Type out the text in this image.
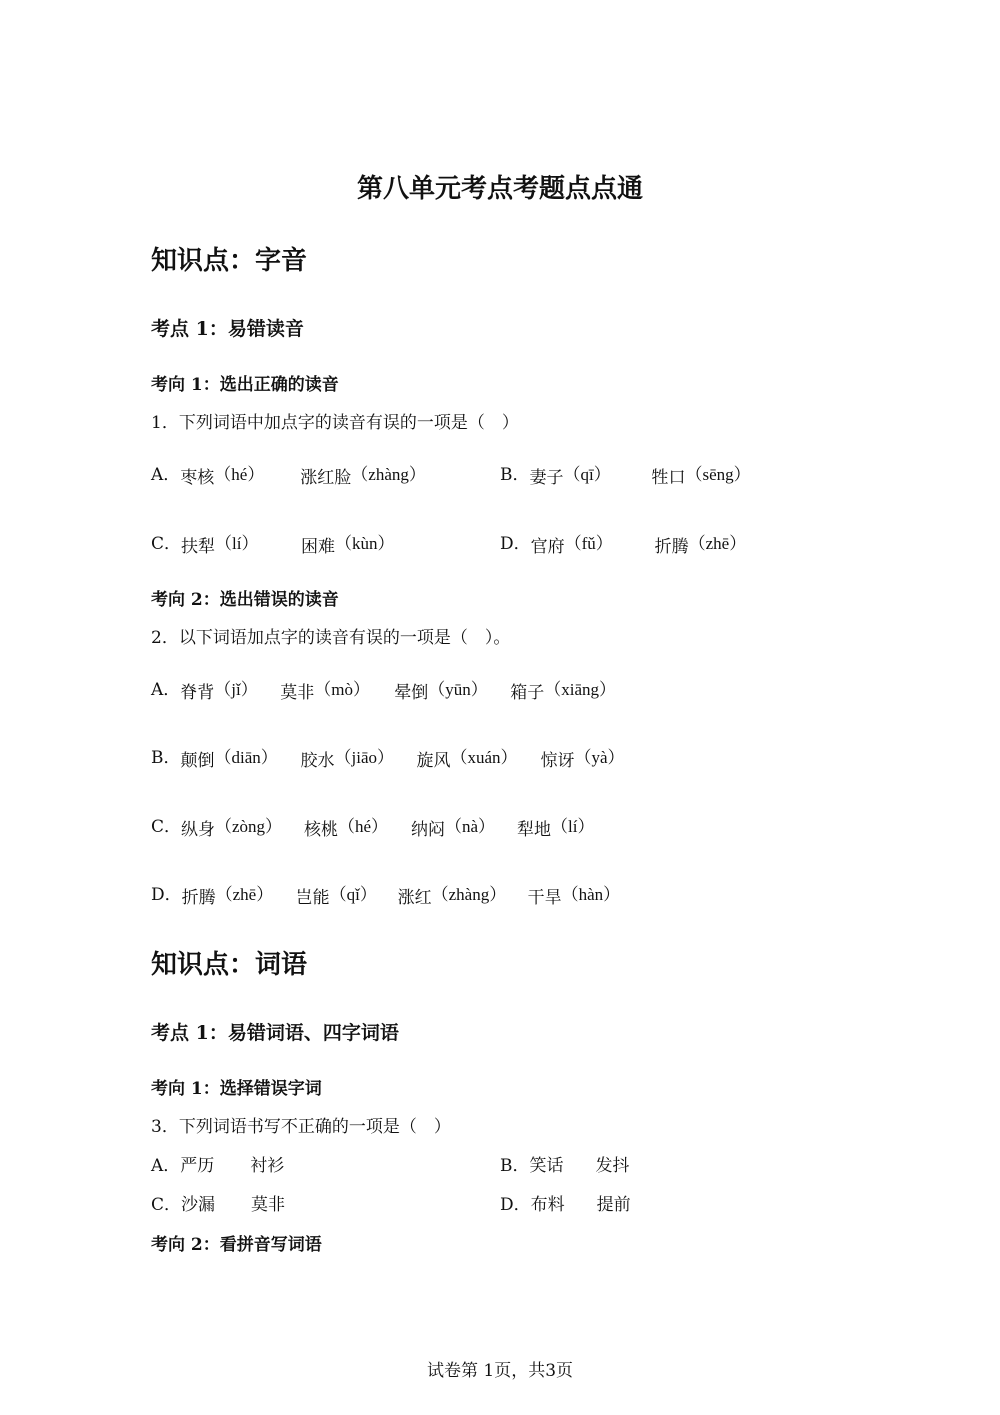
第八单元考点考题点点通
知识点：字音
考点 1：易错读音
考向 1：选出正确的读音
1．下列词语中加点字的读音有误的一项是（　）
A． 枣核 （hé）	涨红脸 （zhàng）	B． 妻子 （qī）	牲口 （sēng）
C． 扶犁 （lí）	困难 （kùn）	D． 官府 （fǔ）	折腾 （zhē）
考向 2：选出错误的读音
2．以下词语加点字的读音有误的一项是（　）。
A． 脊背 （jǐ）	莫非 （mò）	晕倒 （yūn）	箱子 （xiāng）
B． 颠倒 （diān）	胶水 （jiāo）	旋风 （xuán）	惊讶 （yà）
C． 纵身 （zòng）	核桃 （hé）	纳闷 （nà）	犁地 （lí）
D． 折腾 （zhē）	岂能 （qǐ）	涨红 （zhàng）	干旱 （hàn）
知识点：词语
考点 1：易错词语、四字词语
考向 1：选择错误字词
3．下列词语书写不正确的一项是（　）
A． 严历	衬衫	B． 笑话	发抖
C． 沙漏	莫非	D． 布料	提前
考向 2：看拼音写词语
试卷第 1页，共3页
